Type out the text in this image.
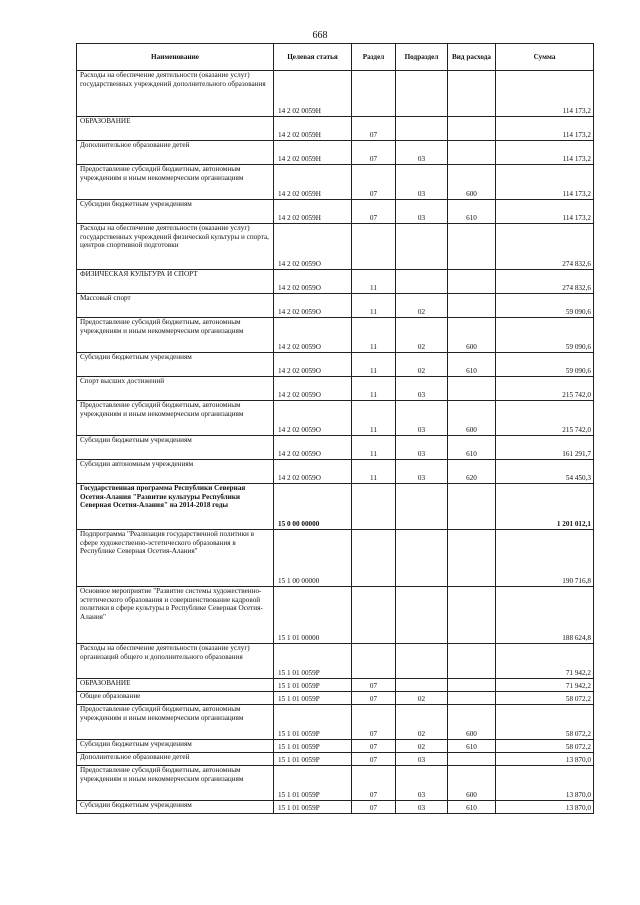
668
Наименование	Целевая статья	Раздел	Подраздел	Вид расхода	Сумма
Расходы на обеспечение деятельности (оказание услуг) государственных учреждений дополнительного образования	14 2 02 0059Н				114 173,2
ОБРАЗОВАНИЕ	14 2 02 0059Н	07			114 173,2
Дополнительное образование детей	14 2 02 0059Н	07	03		114 173,2
Предоставление субсидий бюджетным, автономным учреждениям и иным некоммерческим организациям	14 2 02 0059Н	07	03	600	114 173,2
Субсидии бюджетным учреждениям	14 2 02 0059Н	07	03	610	114 173,2
Расходы на обеспечение деятельности (оказание услуг) государственных учреждений физической культуры и спорта, центров спортивной подготовки	14 2 02 0059О				274 832,6
ФИЗИЧЕСКАЯ КУЛЬТУРА И СПОРТ	14 2 02 0059О	11			274 832,6
Массовый спорт	14 2 02 0059О	11	02		59 090,6
Предоставление субсидий бюджетным, автономным учреждениям и иным некоммерческим организациям	14 2 02 0059О	11	02	600	59 090,6
Субсидии бюджетным учреждениям	14 2 02 0059О	11	02	610	59 090,6
Спорт высших достижений	14 2 02 0059О	11	03		215 742,0
Предоставление субсидий бюджетным, автономным учреждениям и иным некоммерческим организациям	14 2 02 0059О	11	03	600	215 742,0
Субсидии бюджетным учреждениям	14 2 02 0059О	11	03	610	161 291,7
Субсидии автономным учреждениям	14 2 02 0059О	11	03	620	54 450,3
Государственная программа Республики Северная Осетия-Алания "Развитие культуры Республики Северная Осетия-Алания" на 2014-2018 годы	15 0 00 00000				1 201 012,1
Подпрограмма "Реализация государственной политики в сфере художественно-эстетического образования в Республике Северная Осетия-Алания"	15 1 00 00000				190 716,8
Основное мероприятие "Развитие системы художественно-эстетического образования и совершенствование кадровой политики в сфере культуры в Республике Северная Осетия-Алания"	15 1 01 00000				188 624,8
Расходы на обеспечение деятельности (оказание услуг) организаций общего и дополнительного образования	15 1 01 0059Р				71 942,2
ОБРАЗОВАНИЕ	15 1 01 0059Р	07			71 942,2
Общее образование	15 1 01 0059Р	07	02		58 072,2
Предоставление субсидий бюджетным, автономным учреждениям и иным некоммерческим организациям	15 1 01 0059Р	07	02	600	58 072,2
Субсидии бюджетным учреждениям	15 1 01 0059Р	07	02	610	58 072,2
Дополнительное образование детей	15 1 01 0059Р	07	03		13 870,0
Предоставление субсидий бюджетным, автономным учреждениям и иным некоммерческим организациям	15 1 01 0059Р	07	03	600	13 870,0
Субсидии бюджетным учреждениям	15 1 01 0059Р	07	03	610	13 870,0
